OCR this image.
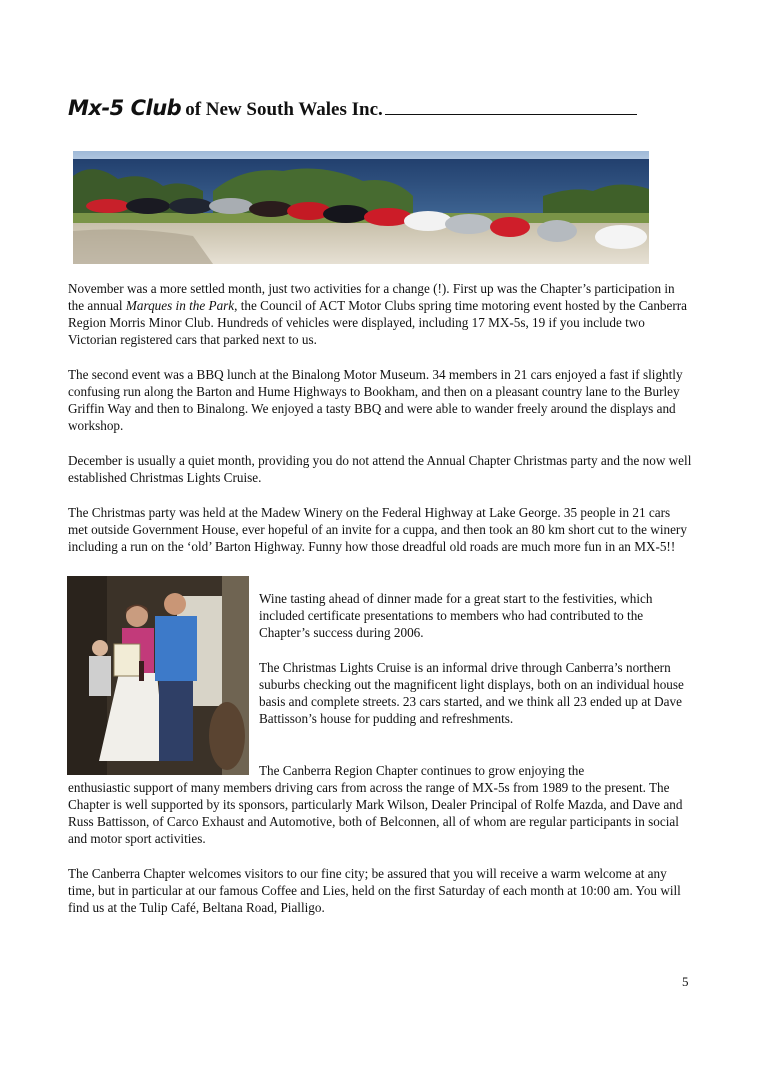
Mx-5 Club of New South Wales Inc.

November was a more settled month, just two activities for a change (!). First up was the Chapter’s participation in the annual Marques in the Park, the Council of ACT Motor Clubs spring time motoring event hosted by the Canberra Region Morris Minor Club. Hundreds of vehicles were displayed, including 17 MX-5s, 19 if you include two Victorian registered cars that parked next to us.

The second event was a BBQ lunch at the Binalong Motor Museum. 34 members in 21 cars enjoyed a fast if slightly confusing run along the Barton and Hume Highways to Bookham, and then on a pleasant country lane to the Burley Griffin Way and then to Binalong. We enjoyed a tasty BBQ and were able to wander freely around the displays and workshop.

December is usually a quiet month, providing you do not attend the Annual Chapter Christmas party and the now well established Christmas Lights Cruise.

The Christmas party was held at the Madew Winery on the Federal Highway at Lake George. 35 people in 21 cars met outside Government House, ever hopeful of an invite for a cuppa, and then took an 80 km short cut to the winery including a run on the ‘old’ Barton Highway. Funny how those dreadful old roads are much more fun in an MX-5!!

Wine tasting ahead of dinner made for a great start to the festivities, which included certificate presentations to members who had contributed to the Chapter’s success during 2006.

The Christmas Lights Cruise is an informal drive through Canberra’s northern suburbs checking out the magnificent light displays, both on an individual house basis and complete streets. 23 cars started, and we think all 23 ended up at Dave Battisson’s house for pudding and refreshments.

The Canberra Region Chapter continues to grow enjoying the

enthusiastic support of many members driving cars from across the range of MX-5s from 1989 to the present. The Chapter is well supported by its sponsors, particularly Mark Wilson, Dealer Principal of Rolfe Mazda, and Dave and Russ Battisson, of Carco Exhaust and Automotive, both of Belconnen, all of whom are regular participants in social and motor sport activities.

The Canberra Chapter welcomes visitors to our fine city; be assured that you will receive a warm welcome at any time, but in particular at our famous Coffee and Lies, held on the first Saturday of each month at 10:00 am. You will find us at the Tulip Café, Beltana Road, Pialligo.

5
